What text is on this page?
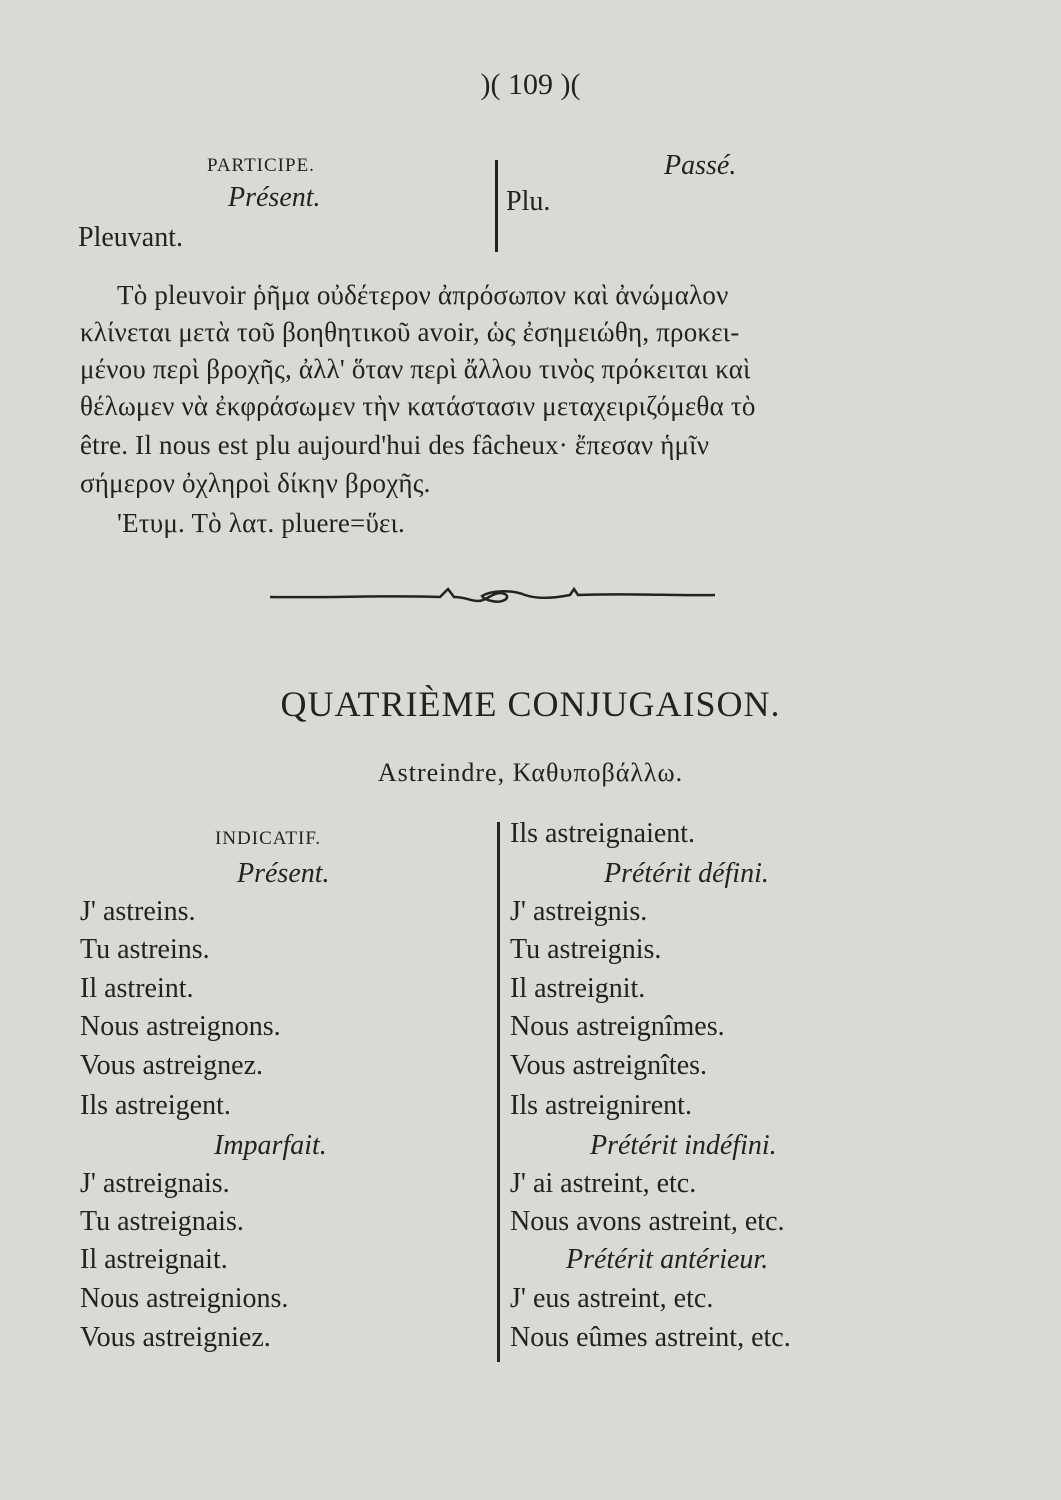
)( 109 )(
PARTICIPE.
Présent.
Pleuvant.
Passé.
Plu.
Τὸ pleuvoir ῥῆμα οὐδέτερον ἀπρόσωπον καὶ ἀνώμαλον
κλίνεται μετὰ τοῦ βοηθητικοῦ avoir, ὡς ἐσημειώθη, προκει-
μένου περὶ βροχῆς, ἀλλ' ὅταν περὶ ἄλλου τινὸς πρόκειται καὶ
θέλωμεν νὰ ἐκφράσωμεν τὴν κατάστασιν μεταχειριζόμεθα τὸ
être. Il nous est plu aujourd'hui des fâcheux· ἔπεσαν ἡμῖν
σήμερον ὀχληροὶ δίκην βροχῆς.
'Ετυμ. Τὸ λατ. pluere=ὕει.
QUATRIÈME CONJUGAISON.
Astreindre, Καθυποβάλλω.
INDICATIF.
Présent.
J' astreins.
Tu astreins.
Il astreint.
Nous astreignons.
Vous astreignez.
Ils astreigent.
Imparfait.
J' astreignais.
Tu astreignais.
Il astreignait.
Nous astreignions.
Vous astreigniez.
Ils astreignaient.
Prétérit défini.
J' astreignis.
Tu astreignis.
Il astreignit.
Nous astreignîmes.
Vous astreignîtes.
Ils astreignirent.
Prétérit indéfini.
J' ai astreint, etc.
Nous avons astreint, etc.
Prétérit antérieur.
J' eus astreint, etc.
Nous eûmes astreint, etc.
